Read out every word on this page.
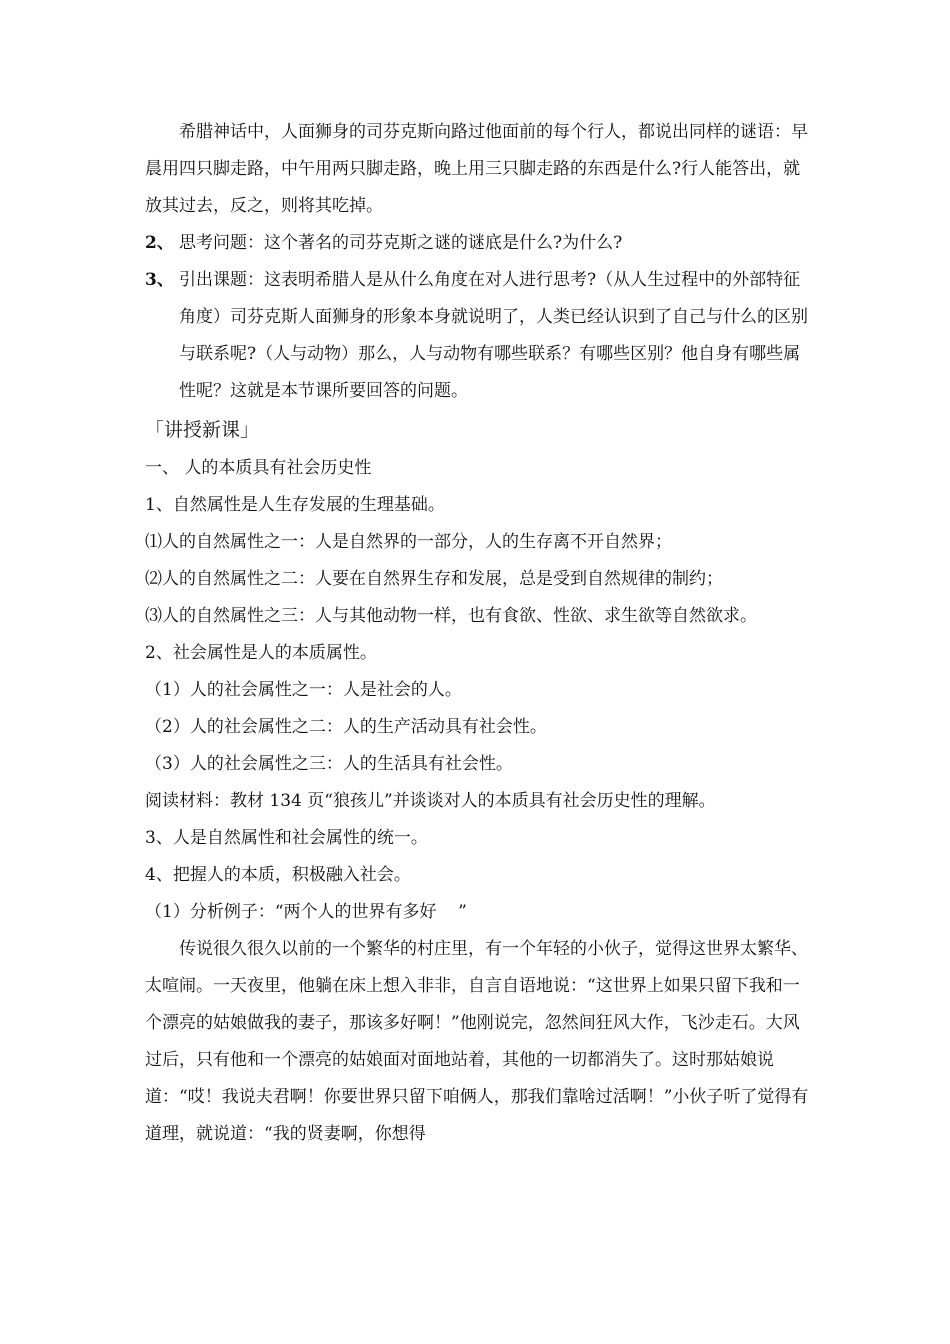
希腊神话中，人面狮身的司芬克斯向路过他面前的每个行人，都说出同样的谜语：早晨用四只脚走路，中午用两只脚走路，晚上用三只脚走路的东西是什么?行人能答出，就放其过去，反之，则将其吃掉。

2、 思考问题：这个著名的司芬克斯之谜的谜底是什么?为什么?
3、 引出课题：这表明希腊人是从什么角度在对人进行思考?（从人生过程中的外部特征角度）司芬克斯人面狮身的形象本身就说明了，人类已经认识到了自己与什么的区别与联系呢?（人与动物）那么，人与动物有哪些联系？有哪些区别？他自身有哪些属性呢？这就是本节课所要回答的问题。

「讲授新课」

一、 人的本质具有社会历史性

1、自然属性是人生存发展的生理基础。

⑴人的自然属性之一：人是自然界的一部分，人的生存离不开自然界；

⑵人的自然属性之二：人要在自然界生存和发展，总是受到自然规律的制约；

⑶人的自然属性之三：人与其他动物一样，也有食欲、性欲、求生欲等自然欲求。

2、社会属性是人的本质属性。

（1）人的社会属性之一：人是社会的人。

（2）人的社会属性之二：人的生产活动具有社会性。

（3）人的社会属性之三：人的生活具有社会性。

阅读材料：教材 134 页“狼孩儿”并谈谈对人的本质具有社会历史性的理解。

3、人是自然属性和社会属性的统一。

4、把握人的本质，积极融入社会。

（1）分析例子：“两个人的世界有多好    ”

传说很久很久以前的一个繁华的村庄里，有一个年轻的小伙子，觉得这世界太繁华、太喧闹。一天夜里，他躺在床上想入非非，自言自语地说：“这世界上如果只留下我和一个漂亮的姑娘做我的妻子，那该多好啊！”他刚说完，忽然间狂风大作，飞沙走石。大风过后，只有他和一个漂亮的姑娘面对面地站着，其他的一切都消失了。这时那姑娘说道：“哎！我说夫君啊！你要世界只留下咱俩人，那我们靠啥过活啊！”小伙子听了觉得有道理，就说道：“我的贤妻啊，你想得
